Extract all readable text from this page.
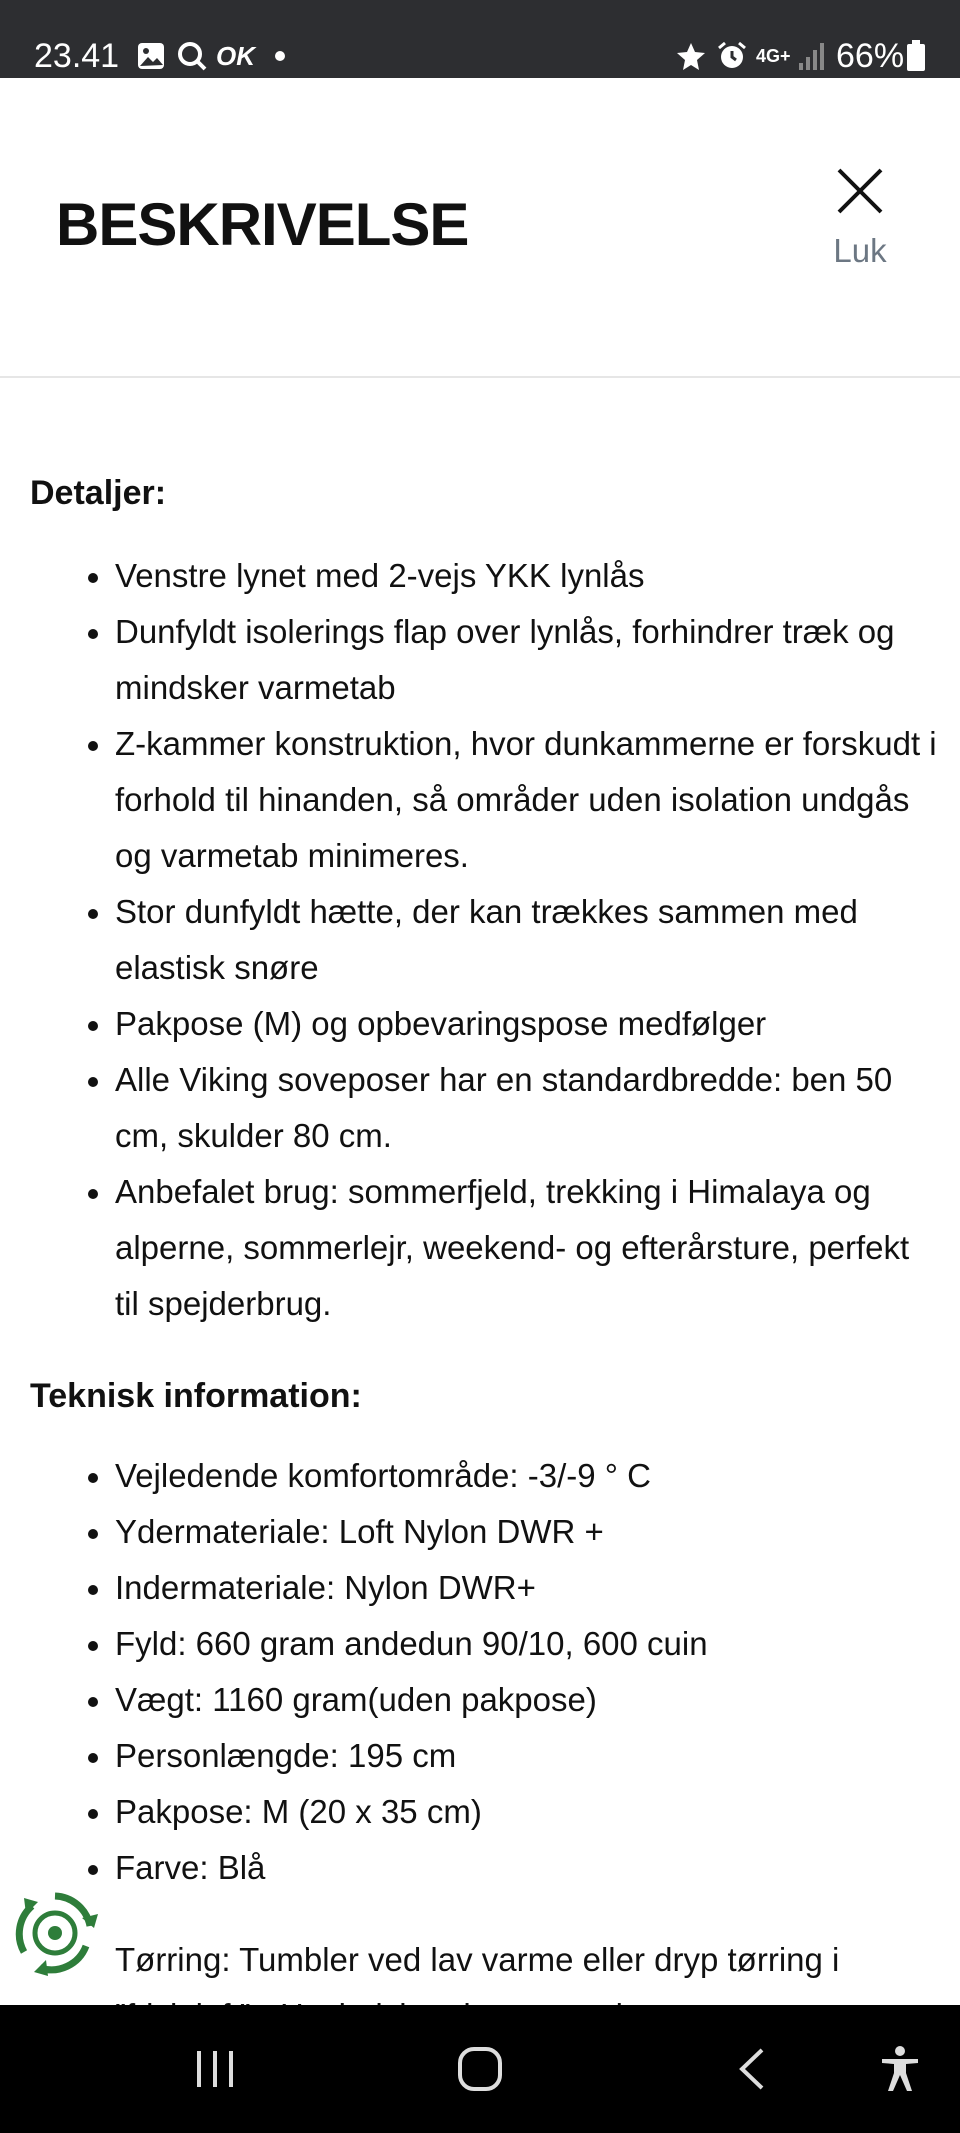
23.41	OK	4G+ 66%
BESKRIVELSE	Luk
Detaljer:
Venstre lynet med 2-vejs YKK lynlås
Dunfyldt isolerings flap over lynlås, forhindrer træk og mindsker varmetab
Z-kammer konstruktion, hvor dunkammerne er forskudt i forhold til hinanden, så områder uden isolation undgås og varmetab minimeres.
Stor dunfyldt hætte, der kan trækkes sammen med elastisk snøre
Pakpose (M) og opbevaringspose medfølger
Alle Viking soveposer har en standardbredde: ben 50 cm, skulder 80 cm.
Anbefalet brug: sommerfjeld, trekking i Himalaya og alperne, sommerlejr, weekend- og efterårsture, perfekt til spejderbrug.
Teknisk information:
Vejledende komfortområde: -3/-9 ° C
Ydermateriale: Loft Nylon DWR +
Indermateriale: Nylon DWR+
Fyld: 660 gram andedun 90/10, 600 cuin
Vægt: 1160 gram(uden pakpose)
Personlængde: 195 cm
Pakpose: M (20 x 35 cm)
Farve: Blå
Tørring: Tumbler ved lav varme eller dryp tørring i
